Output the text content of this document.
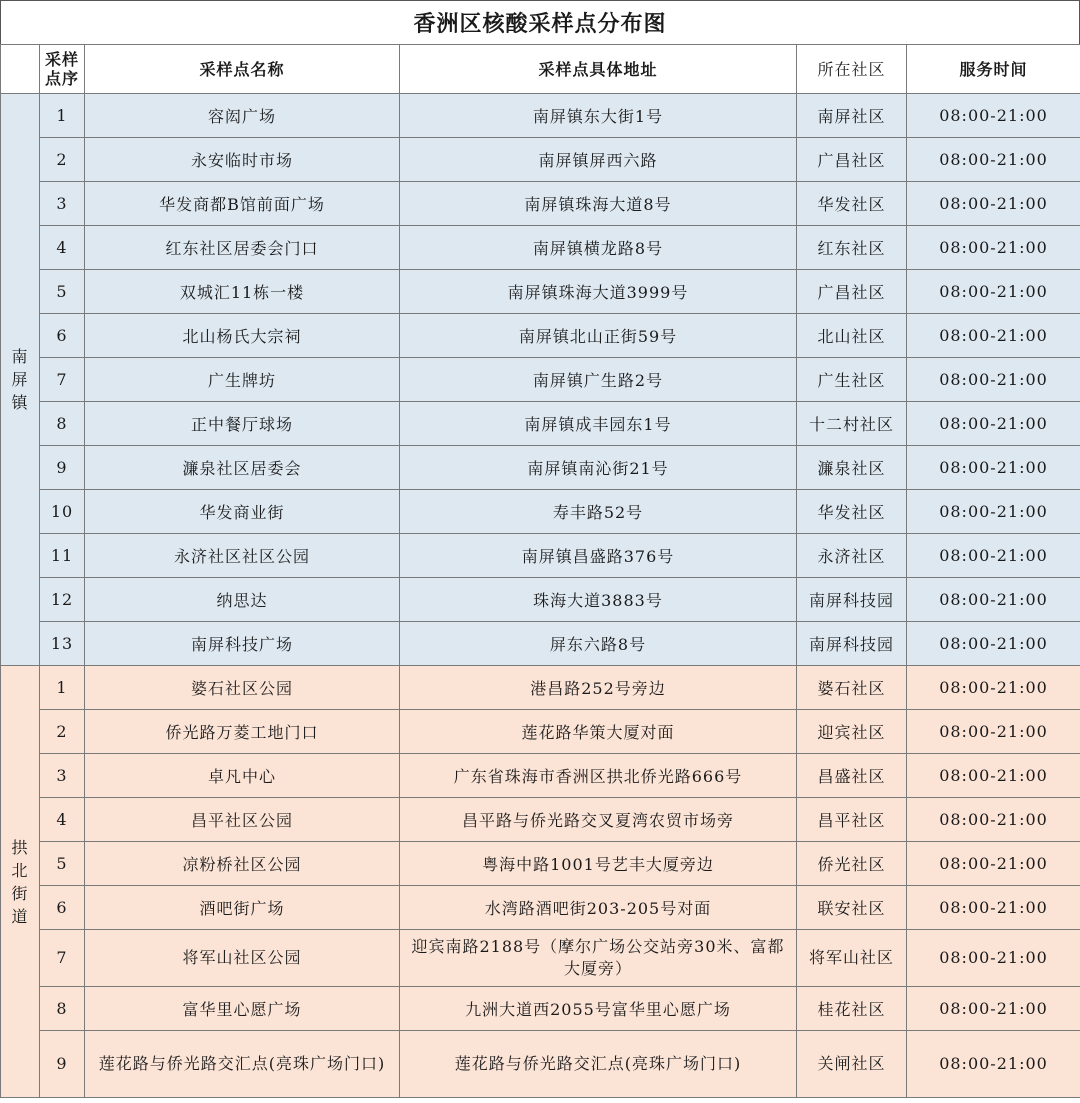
香洲区核酸采样点分布图
	采样点序	采样点名称	采样点具体地址	所在社区	服务时间
南屏镇	1	容闳广场	南屏镇东大街1号	南屏社区	08:00-21:00
	2	永安临时市场	南屏镇屏西六路	广昌社区	08:00-21:00
	3	华发商都B馆前面广场	南屏镇珠海大道8号	华发社区	08:00-21:00
	4	红东社区居委会门口	南屏镇横龙路8号	红东社区	08:00-21:00
	5	双城汇11栋一楼	南屏镇珠海大道3999号	广昌社区	08:00-21:00
	6	北山杨氏大宗祠	南屏镇北山正街59号	北山社区	08:00-21:00
	7	广生牌坊	南屏镇广生路2号	广生社区	08:00-21:00
	8	正中餐厅球场	南屏镇成丰园东1号	十二村社区	08:00-21:00
	9	濂泉社区居委会	南屏镇南沁街21号	濂泉社区	08:00-21:00
	10	华发商业街	寿丰路52号	华发社区	08:00-21:00
	11	永济社区社区公园	南屏镇昌盛路376号	永济社区	08:00-21:00
	12	纳思达	珠海大道3883号	南屏科技园	08:00-21:00
	13	南屏科技广场	屏东六路8号	南屏科技园	08:00-21:00
拱北街道	1	婆石社区公园	港昌路252号旁边	婆石社区	08:00-21:00
	2	侨光路万菱工地门口	莲花路华策大厦对面	迎宾社区	08:00-21:00
	3	卓凡中心	广东省珠海市香洲区拱北侨光路666号	昌盛社区	08:00-21:00
	4	昌平社区公园	昌平路与侨光路交叉夏湾农贸市场旁	昌平社区	08:00-21:00
	5	凉粉桥社区公园	粤海中路1001号艺丰大厦旁边	侨光社区	08:00-21:00
	6	酒吧街广场	水湾路酒吧街203-205号对面	联安社区	08:00-21:00
	7	将军山社区公园	迎宾南路2188号（摩尔广场公交站旁30米、富都大厦旁）	将军山社区	08:00-21:00
	8	富华里心愿广场	九洲大道西2055号富华里心愿广场	桂花社区	08:00-21:00
	9	莲花路与侨光路交汇点(亮珠广场门口)	莲花路与侨光路交汇点(亮珠广场门口)	关闸社区	08:00-21:00
